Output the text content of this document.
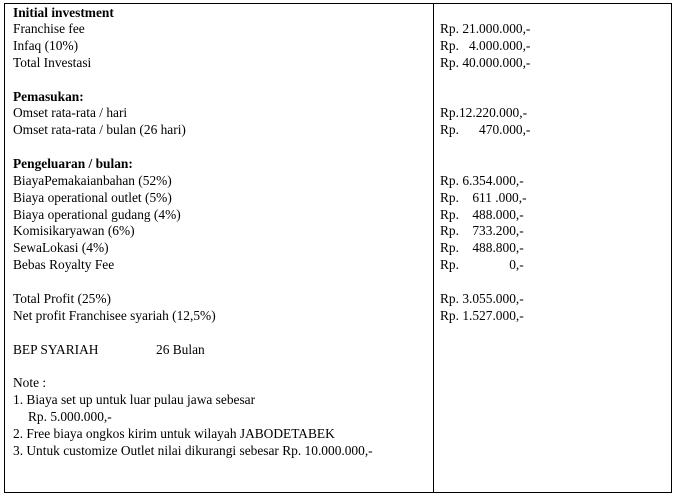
Initial investment
Franchise fee
Infaq (10%)
Total Investasi
Pemasukan:
Omset rata-rata / hari
Omset rata-rata / bulan (26 hari)
Pengeluaran / bulan:
BiayaPemakaianbahan (52%)
Biaya operational outlet (5%)
Biaya operational gudang (4%)
Komisikaryawan (6%)
SewaLokasi (4%)
Bebas Royalty Fee
Total Profit (25%)
Net profit Franchisee syariah (12,5%)
BEP SYARIAH	26 Bulan
Note :
1. Biaya set up untuk luar pulau jawa sebesar
Rp. 5.000.000,-
2. Free biaya ongkos kirim untuk wilayah JABODETABEK
3. Untuk customize Outlet nilai dikurangi sebesar Rp. 10.000.000,-
Rp. 21.000.000,-
Rp.   4.000.000,-
Rp. 40.000.000,-
Rp.12.220.000,-
Rp.      470.000,-
Rp. 6.354.000,-
Rp.    611 .000,-
Rp.    488.000,-
Rp.    733.200,-
Rp.    488.800,-
Rp.               0,-
Rp. 3.055.000,-
Rp. 1.527.000,-
